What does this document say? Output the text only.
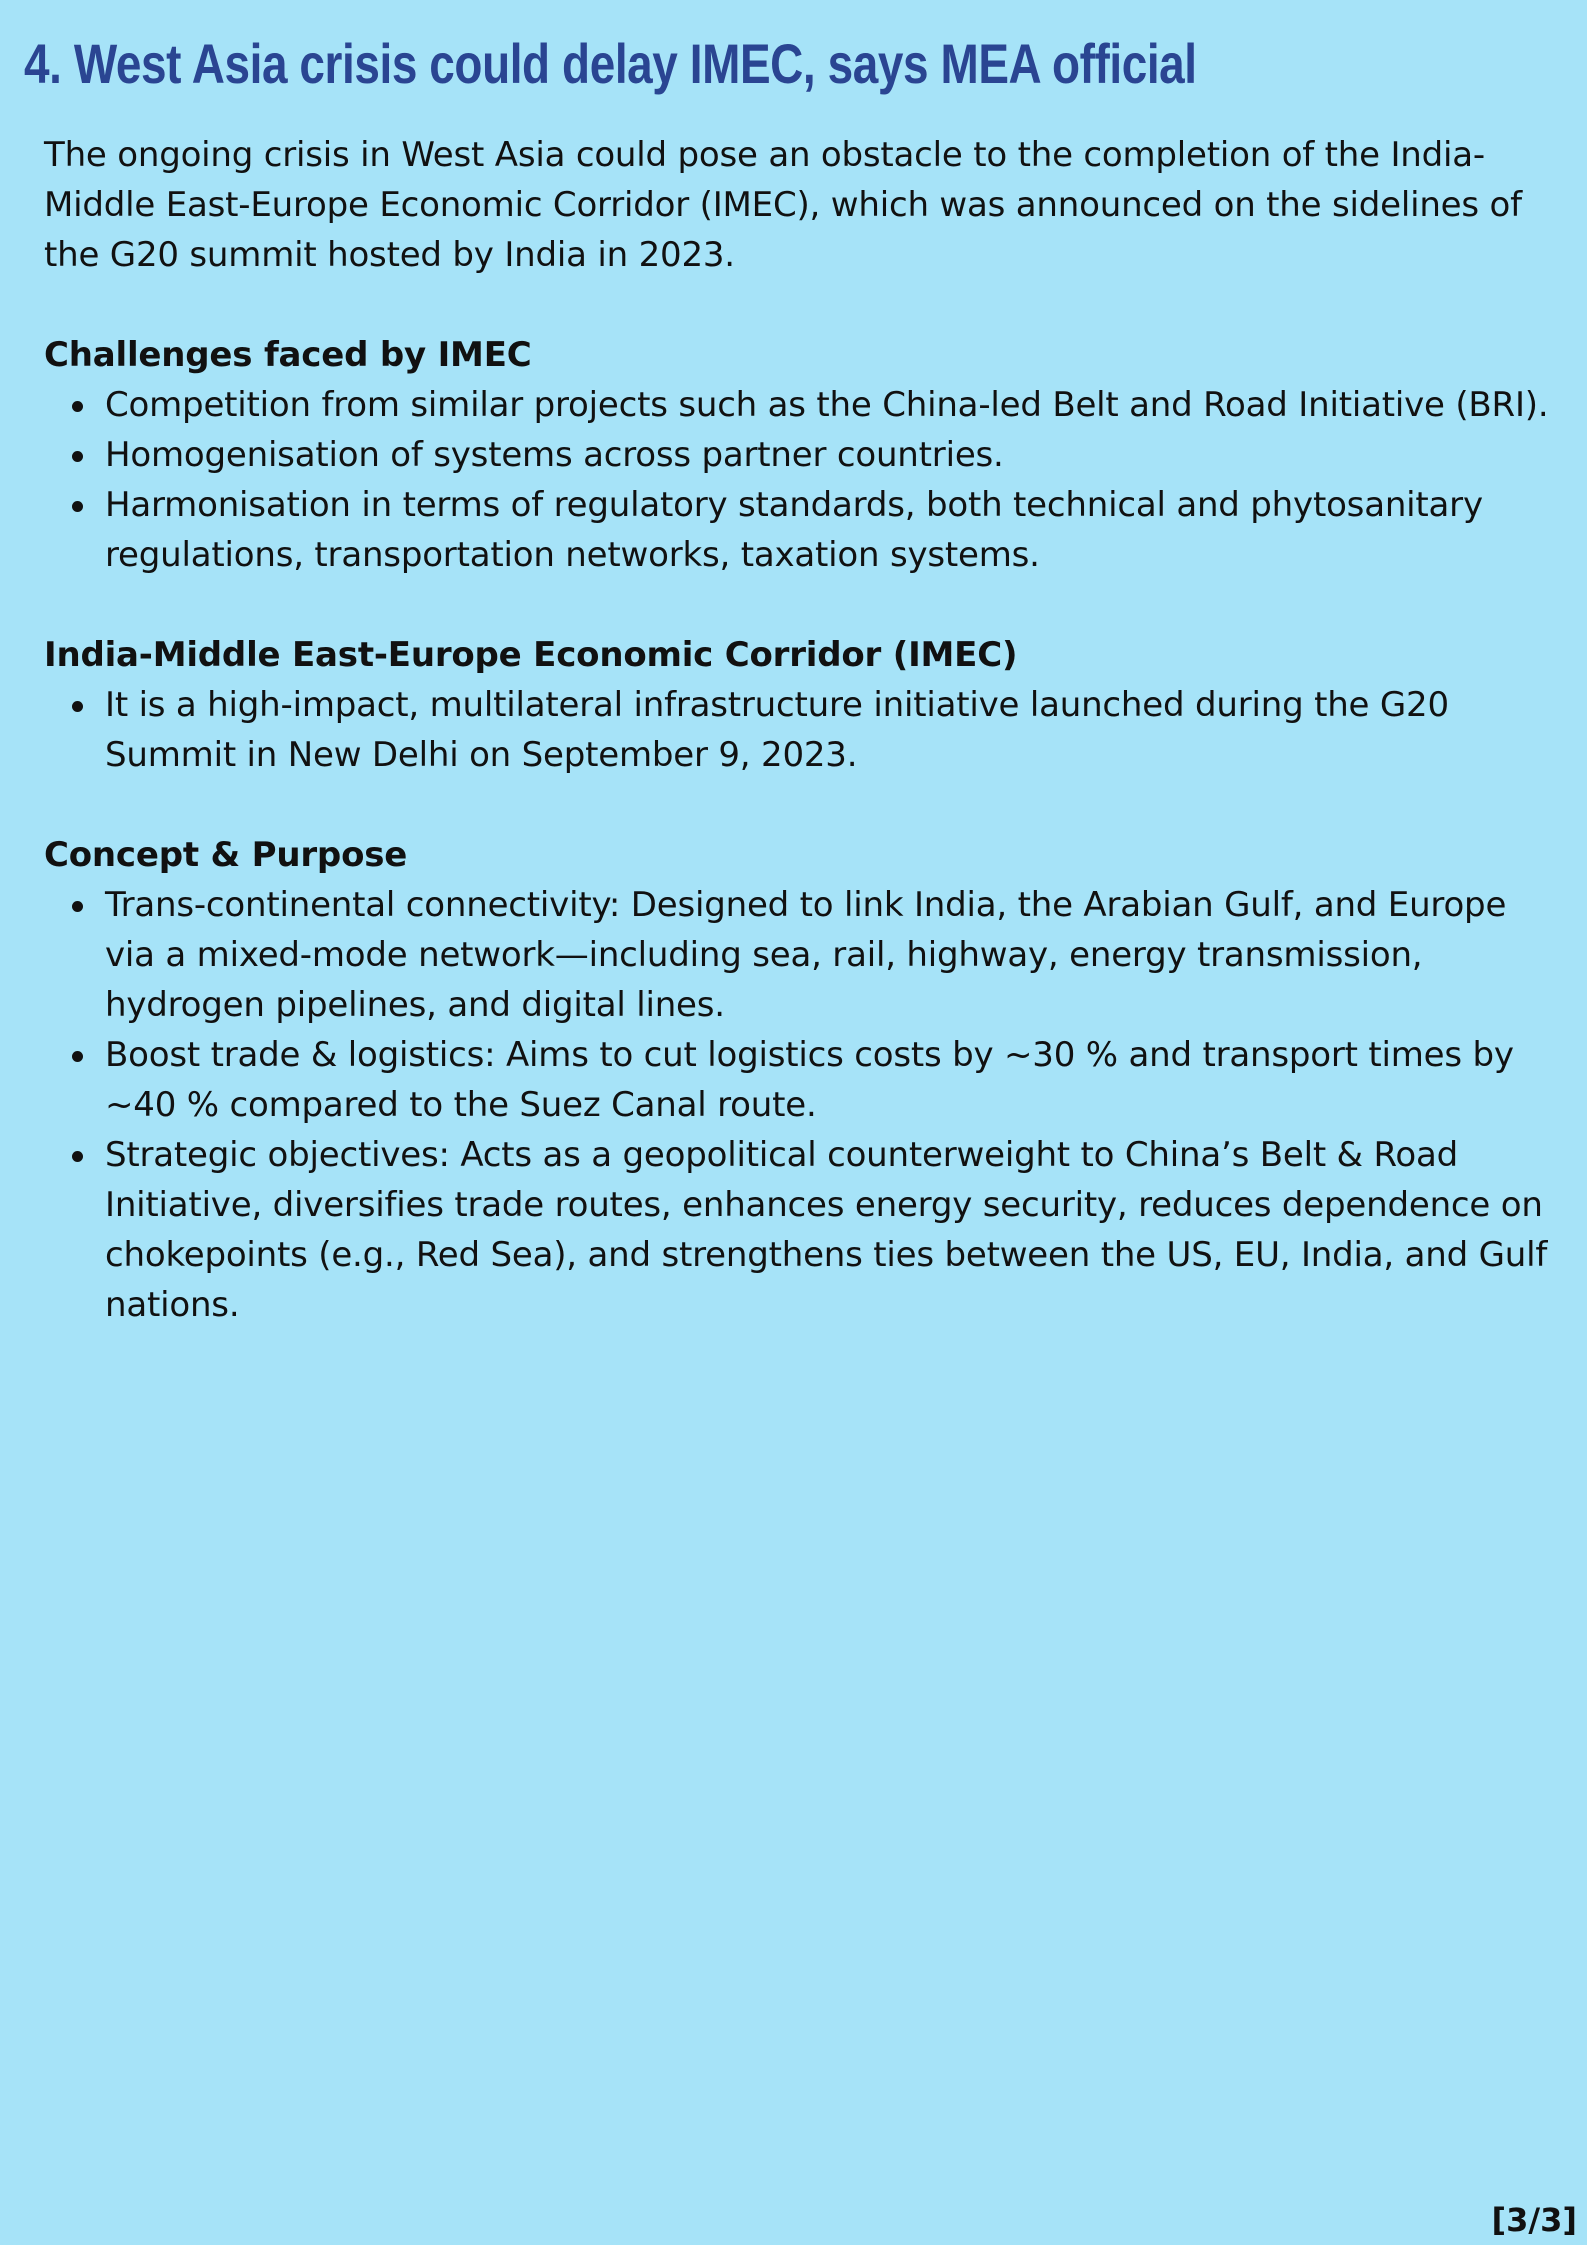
4. West Asia crisis could delay IMEC, says MEA official

The ongoing crisis in West Asia could pose an obstacle to the completion of the India-Middle East-Europe Economic Corridor (IMEC), which was announced on the sidelines of the G20 summit hosted by India in 2023.

Challenges faced by IMEC
Competition from similar projects such as the China-led Belt and Road Initiative (BRI).
Homogenisation of systems across partner countries.
Harmonisation in terms of regulatory standards, both technical and phytosanitary regulations, transportation networks, taxation systems.
India-Middle East-Europe Economic Corridor (IMEC)
It is a high-impact, multilateral infrastructure initiative launched during the G20 Summit in New Delhi on September 9, 2023.
Concept & Purpose
Trans-continental connectivity: Designed to link India, the Arabian Gulf, and Europe via a mixed-mode network—including sea, rail, highway, energy transmission, hydrogen pipelines, and digital lines.
Boost trade & logistics: Aims to cut logistics costs by ~30 % and transport times by ~40 % compared to the Suez Canal route.
Strategic objectives: Acts as a geopolitical counterweight to China’s Belt & Road Initiative, diversifies trade routes, enhances energy security, reduces dependence on chokepoints (e.g., Red Sea), and strengthens ties between the US, EU, India, and Gulf nations.
[3/3]
